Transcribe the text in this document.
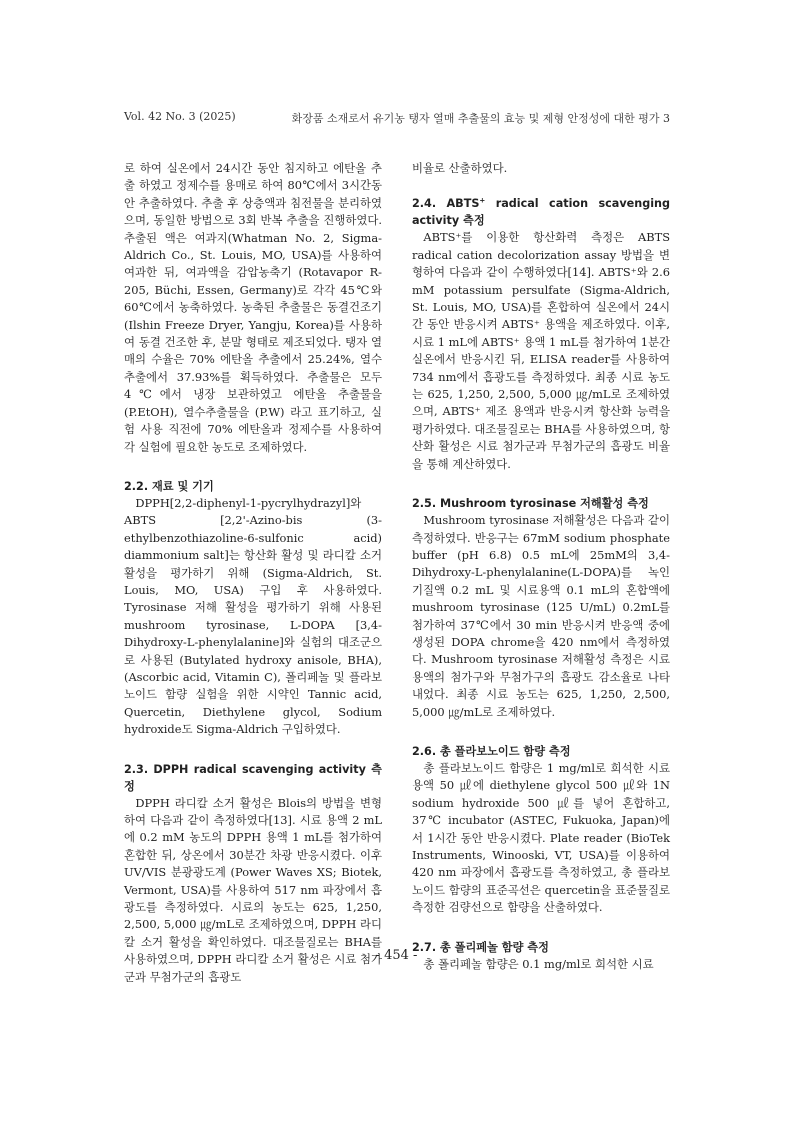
Vol. 42 No. 3 (2025)	화장품 소재로서 유기농 탱자 열매 추출물의 효능 및 제형 안정성에 대한 평가 3

로 하여 실온에서 24시간 동안 침지하고 에탄올 추출 하였고 정제수를 용매로 하여 80℃에서 3시간동안 추출하였다. 추출 후 상층액과 침전물을 분리하였으며, 동일한 방법으로 3회 반복 추출을 진행하였다. 추출된 액은 여과지(Whatman No. 2, Sigma-Aldrich Co., St. Louis, MO, USA)를 사용하여 여과한 뒤, 여과액을 감압농축기 (Rotavapor R-205, Büchi, Essen, Germany)로 각각 45℃와 60℃에서 농축하였다. 농축된 추출물은 동결건조기(Ilshin Freeze Dryer, Yangju, Korea)를 사용하여 동결 건조한 후, 분말 형태로 제조되었다. 탱자 열매의 수율은 70% 에탄올 추출에서 25.24%, 열수 추출에서 37.93%를 획득하였다. 추출물은 모두 4℃에서 냉장 보관하였고 에탄올 추출물을 (P.EtOH), 열수추출물을 (P.W) 라고 표기하고, 실험 사용 직전에 70% 에탄올과 정제수를 사용하여 각 실험에 필요한 농도로 조제하였다.

2.2. 재료 및 기기

DPPH[2,2-diphenyl-1-pycrylhydrazyl]와 ABTS [2,2'-Azino-bis (3-ethylbenzothiazoline-6-sulfonic acid) diammonium salt]는 항산화 활성 및 라디칼 소거 활성을 평가하기 위해 (Sigma-Aldrich, St. Louis, MO, USA) 구입 후 사용하였다. Tyrosinase 저해 활성을 평가하기 위해 사용된 mushroom tyrosinase, L-DOPA [3,4-Dihydroxy-L-phenylalanine]와 실험의 대조군으로 사용된 (Butylated hydroxy anisole, BHA), (Ascorbic acid, Vitamin C), 폴리페놀 및 플라보노이드 함량 실험을 위한 시약인 Tannic acid, Quercetin, Diethylene glycol, Sodium hydroxide도 Sigma-Aldrich 구입하였다.

2.3. DPPH radical scavenging activity 측정

DPPH 라디칼 소거 활성은 Blois의 방법을 변형하여 다음과 같이 측정하였다[13]. 시료 용액 2 mL에 0.2 mM 농도의 DPPH 용액 1 mL를 첨가하여 혼합한 뒤, 상온에서 30분간 차광 반응시켰다. 이후 UV/VIS 분광광도계 (Power Waves XS; Biotek, Vermont, USA)를 사용하여 517 nm 파장에서 흡광도를 측정하였다. 시료의 농도는 625, 1,250, 2,500, 5,000 ㎍/mL로 조제하였으며, DPPH 라디칼 소거 활성을 확인하였다. 대조물질로는 BHA를 사용하였으며, DPPH 라디칼 소거 활성은 시료 첨가군과 무첨가군의 흡광도

비율로 산출하였다.

2.4. ABTS+ radical cation scavenging activity 측정

ABTS⁺를 이용한 항산화력 측정은 ABTS radical cation decolorization assay 방법을 변형하여 다음과 같이 수행하였다[14]. ABTS⁺와 2.6 mM potassium persulfate (Sigma-Aldrich, St. Louis, MO, USA)를 혼합하여 실온에서 24시간 동안 반응시켜 ABTS⁺ 용액을 제조하였다. 이후, 시료 1 mL에 ABTS⁺ 용액 1 mL를 첨가하여 1분간 실온에서 반응시킨 뒤, ELISA reader를 사용하여 734 nm에서 흡광도를 측정하였다. 최종 시료 농도는 625, 1,250, 2,500, 5,000 ㎍/mL로 조제하였으며, ABTS⁺ 제조 용액과 반응시켜 항산화 능력을 평가하였다. 대조물질로는 BHA를 사용하였으며, 항산화 활성은 시료 첨가군과 무첨가군의 흡광도 비율을 통해 계산하였다.

2.5. Mushroom tyrosinase 저해활성 측정

Mushroom tyrosinase 저해활성은 다음과 같이 측정하였다. 반응구는 67mM sodium phosphate buffer (pH 6.8) 0.5 mL에 25mM의 3,4-Dihydroxy-L-phenylalanine(L-DOPA)를 녹인 기질액 0.2 mL 및 시료용액 0.1 mL의 혼합액에 mushroom tyrosinase (125 U/mL) 0.2mL를 첨가하여 37℃에서 30 min 반응시켜 반응액 중에 생성된 DOPA chrome을 420 nm에서 측정하였다. Mushroom tyrosinase 저해활성 측정은 시료용액의 첨가구와 무첨가구의 흡광도 감소율로 나타내었다. 최종 시료 농도는 625, 1,250, 2,500, 5,000 ㎍/mL로 조제하였다.

2.6. 총 플라보노이드 함량 측정

총 플라보노이드 함량은 1 mg/ml로 희석한 시료 용액 50 ㎕에 diethylene glycol 500 ㎕와 1N sodium hydroxide 500 ㎕를 넣어 혼합하고, 37℃ incubator (ASTEC, Fukuoka, Japan)에서 1시간 동안 반응시켰다. Plate reader (BioTek Instruments, Winooski, VT, USA)를 이용하여 420 nm 파장에서 흡광도를 측정하였고, 총 플라보노이드 함량의 표준곡선은 quercetin을 표준물질로 측정한 검량선으로 함량을 산출하였다.

2.7. 총 폴리페놀 함량 측정

총 폴리페놀 함량은 0.1 mg/ml로 희석한 시료

- 454 -
